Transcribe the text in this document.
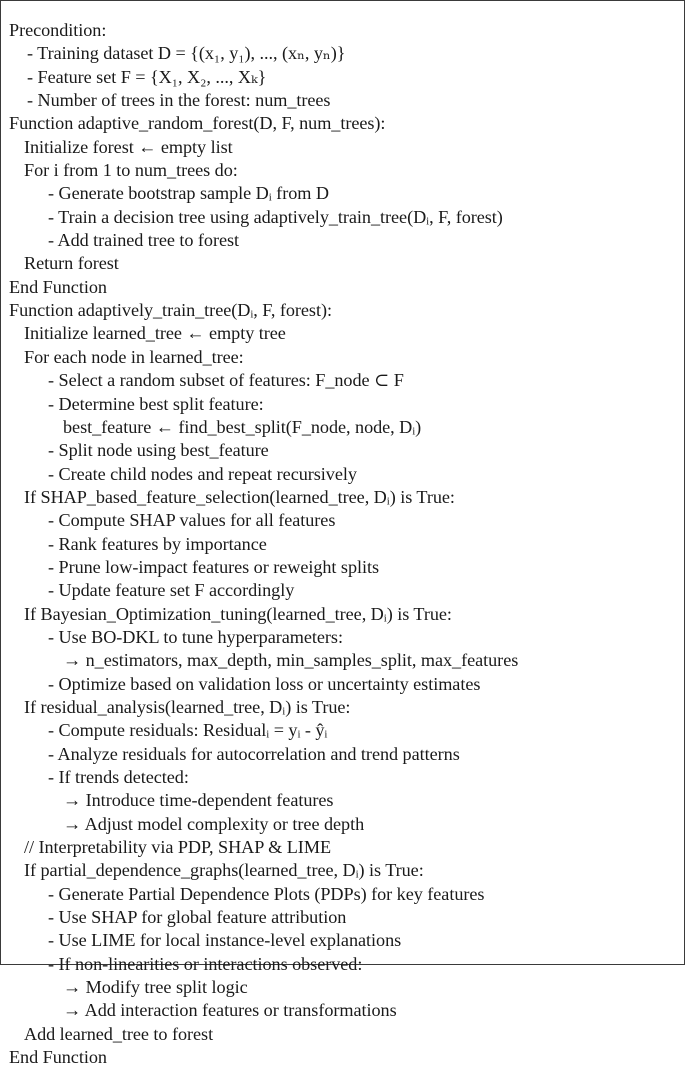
Precondition:
- Training dataset D = {(x₁, y₁), ..., (xₙ, yₙ)}
- Feature set F = {X₁, X₂, ..., Xₖ}
- Number of trees in the forest: num_trees
Function adaptive_random_forest(D, F, num_trees):
Initialize forest ← empty list
For i from 1 to num_trees do:
- Generate bootstrap sample Dᵢ from D
- Train a decision tree using adaptively_train_tree(Dᵢ, F, forest)
- Add trained tree to forest
Return forest
End Function
Function adaptively_train_tree(Dᵢ, F, forest):
Initialize learned_tree ← empty tree
For each node in learned_tree:
- Select a random subset of features: F_node ⊂ F
- Determine best split feature:
best_feature ← find_best_split(F_node, node, Dᵢ)
- Split node using best_feature
- Create child nodes and repeat recursively
If SHAP_based_feature_selection(learned_tree, Dᵢ) is True:
- Compute SHAP values for all features
- Rank features by importance
- Prune low-impact features or reweight splits
- Update feature set F accordingly
If Bayesian_Optimization_tuning(learned_tree, Dᵢ) is True:
- Use BO-DKL to tune hyperparameters:
→ n_estimators, max_depth, min_samples_split, max_features
- Optimize based on validation loss or uncertainty estimates
If residual_analysis(learned_tree, Dᵢ) is True:
- Compute residuals: Residualᵢ = yᵢ - ŷᵢ
- Analyze residuals for autocorrelation and trend patterns
- If trends detected:
→ Introduce time-dependent features
→ Adjust model complexity or tree depth
// Interpretability via PDP, SHAP & LIME
If partial_dependence_graphs(learned_tree, Dᵢ) is True:
- Generate Partial Dependence Plots (PDPs) for key features
- Use SHAP for global feature attribution
- Use LIME for local instance-level explanations
- If non-linearities or interactions observed:
→ Modify tree split logic
→ Add interaction features or transformations
Add learned_tree to forest
End Function
